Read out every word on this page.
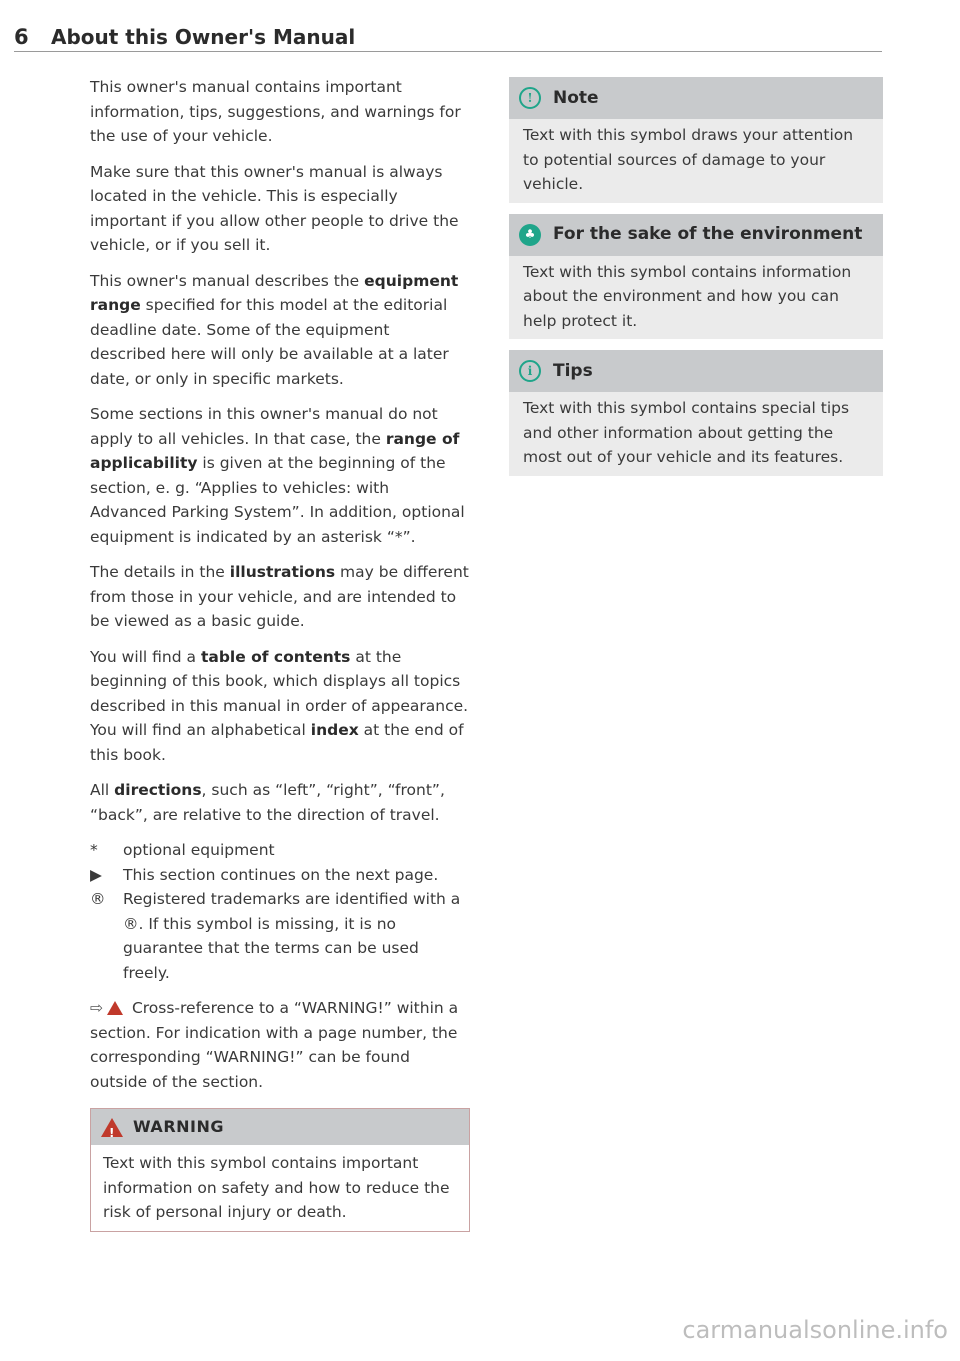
6 About this Owner's Manual

This owner's manual contains important information, tips, suggestions, and warnings for the use of your vehicle.

Make sure that this owner's manual is always located in the vehicle. This is especially important if you allow other people to drive the vehicle, or if you sell it.

This owner's manual describes the equipment range specified for this model at the editorial deadline date. Some of the equipment described here will only be available at a later date, or only in specific markets.

Some sections in this owner's manual do not apply to all vehicles. In that case, the range of applicability is given at the beginning of the section, e. g. “Applies to vehicles: with Advanced Parking System”. In addition, optional equipment is indicated by an asterisk “*”.

The details in the illustrations may be different from those in your vehicle, and are intended to be viewed as a basic guide.

You will find a table of contents at the beginning of this book, which displays all topics described in this manual in order of appearance. You will find an alphabetical index at the end of this book.

All directions, such as “left”, “right”, “front”, “back”, are relative to the direction of travel.

*	optional equipment
▶	This section continues on the next page.
®	Registered trademarks are identified with a ®. If this symbol is missing, it is no guarantee that the terms can be used freely.

⇨ Cross-reference to a “WARNING!” within a section. For indication with a page number, the corresponding “WARNING!” can be found outside of the section.

!
WARNING
Text with this symbol contains important information on safety and how to reduce the risk of personal injury or death.
!	Note
Text with this symbol draws your attention to potential sources of damage to your vehicle.
♣	For the sake of the environment
Text with this symbol contains information about the environment and how you can help protect it.
i	Tips
Text with this symbol contains special tips and other information about getting the most out of your vehicle and its features.
carmanualsonline.info
